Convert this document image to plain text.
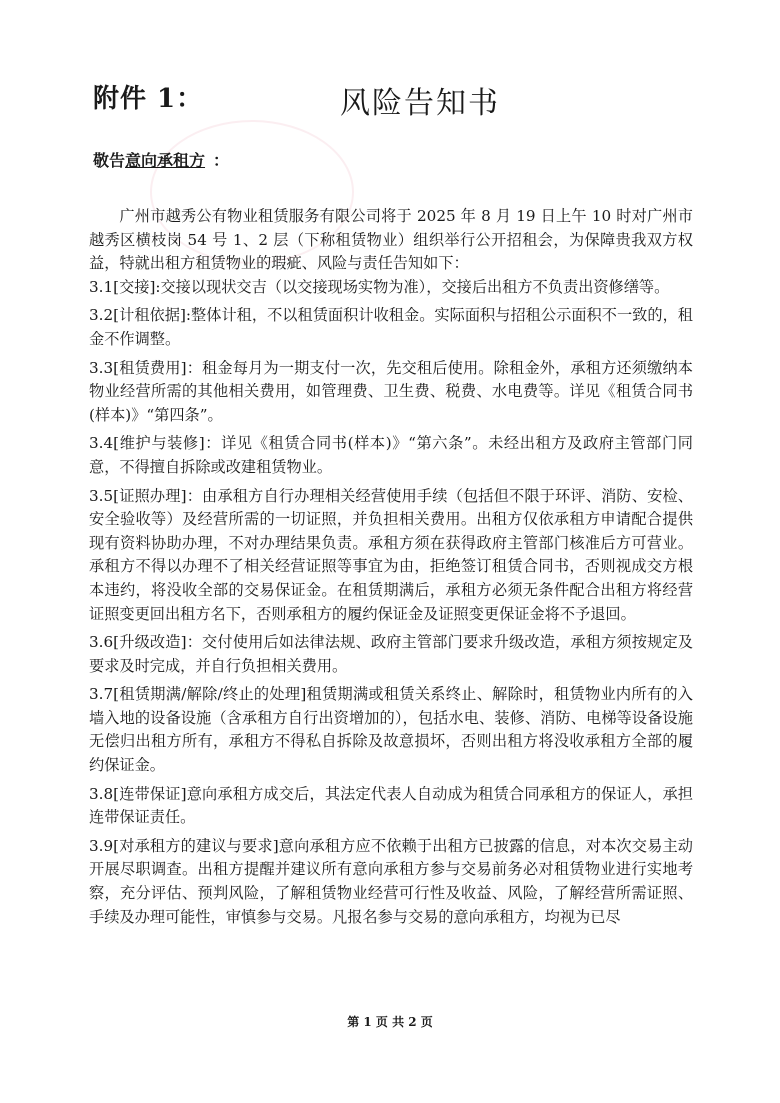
附件 1：	风险告知书

敬告意向承租方 ：

广州市越秀公有物业租赁服务有限公司将于 2025 年 8 月 19 日上午 10 时对广州市越秀区横枝岗 54 号 1、2 层（下称租赁物业）组织举行公开招租会，为保障贵我双方权益，特就出租方租赁物业的瑕疵、风险与责任告知如下：

3.1[交接]:交接以现状交吉（以交接现场实物为准），交接后出租方不负责出资修缮等。

3.2[计租依据]:整体计租，不以租赁面积计收租金。实际面积与招租公示面积不一致的，租金不作调整。

3.3[租赁费用]：租金每月为一期支付一次，先交租后使用。除租金外，承租方还须缴纳本物业经营所需的其他相关费用，如管理费、卫生费、税费、水电费等。详见《租赁合同书(样本)》“第四条”。

3.4[维护与装修]：详见《租赁合同书(样本)》“第六条”。未经出租方及政府主管部门同意，不得擅自拆除或改建租赁物业。

3.5[证照办理]：由承租方自行办理相关经营使用手续（包括但不限于环评、消防、安检、安全验收等）及经营所需的一切证照，并负担相关费用。出租方仅依承租方申请配合提供现有资料协助办理，不对办理结果负责。承租方须在获得政府主管部门核准后方可营业。承租方不得以办理不了相关经营证照等事宜为由，拒绝签订租赁合同书，否则视成交方根本违约，将没收全部的交易保证金。在租赁期满后，承租方必须无条件配合出租方将经营证照变更回出租方名下，否则承租方的履约保证金及证照变更保证金将不予退回。

3.6[升级改造]：交付使用后如法律法规、政府主管部门要求升级改造，承租方须按规定及要求及时完成，并自行负担相关费用。

3.7[租赁期满/解除/终止的处理]租赁期满或租赁关系终止、解除时，租赁物业内所有的入墙入地的设备设施（含承租方自行出资增加的），包括水电、装修、消防、电梯等设备设施无偿归出租方所有，承租方不得私自拆除及故意损坏，否则出租方将没收承租方全部的履约保证金。

3.8[连带保证]意向承租方成交后，其法定代表人自动成为租赁合同承租方的保证人，承担连带保证责任。

3.9[对承租方的建议与要求]意向承租方应不依赖于出租方已披露的信息，对本次交易主动开展尽职调查。出租方提醒并建议所有意向承租方参与交易前务必对租赁物业进行实地考察，充分评估、预判风险，了解租赁物业经营可行性及收益、风险，了解经营所需证照、手续及办理可能性，审慎参与交易。凡报名参与交易的意向承租方，均视为已尽

第 1 页 共 2 页
